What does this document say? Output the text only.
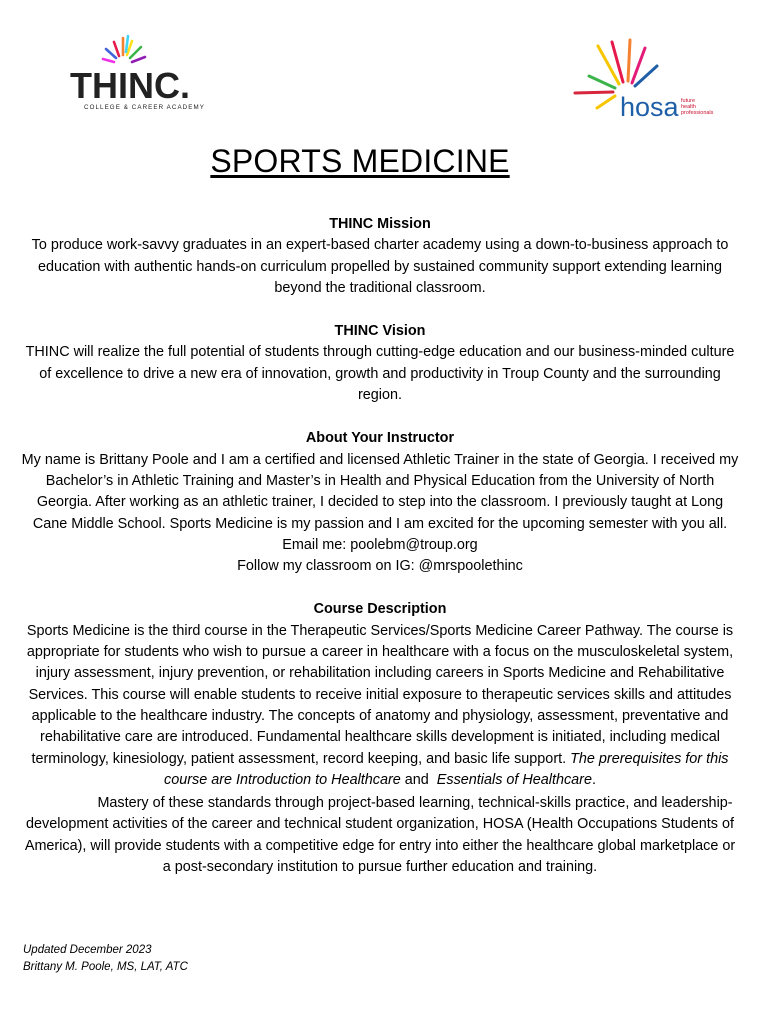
THINC.
COLLEGE & CAREER ACADEMY	hosa future
health
professionals
SPORTS MEDICINE
THINC Mission

To produce work-savvy graduates in an expert-based charter academy using a down-to-business approach to education with authentic hands-on curriculum propelled by sustained community support extending learning beyond the traditional classroom.

THINC Vision

THINC will realize the full potential of students through cutting-edge education and our business-minded culture of excellence to drive a new era of innovation, growth and productivity in Troup County and the surrounding region.

About Your Instructor

My name is Brittany Poole and I am a certified and licensed Athletic Trainer in the state of Georgia. I received my Bachelor’s in Athletic Training and Master’s in Health and Physical Education from the University of North Georgia. After working as an athletic trainer, I decided to step into the classroom. I previously taught at Long Cane Middle School. Sports Medicine is my passion and I am excited for the upcoming semester with you all.

Email me: poolebm@troup.org
Follow my classroom on IG: @mrspoolethinc
Course Description

Sports Medicine is the third course in the Therapeutic Services/Sports Medicine Career Pathway. The course is appropriate for students who wish to pursue a career in healthcare with a focus on the musculoskeletal system, injury assessment, injury prevention, or rehabilitation including careers in Sports Medicine and Rehabilitative Services. This course will enable students to receive initial exposure to therapeutic services skills and attitudes applicable to the healthcare industry. The concepts of anatomy and physiology, assessment, preventative and rehabilitative care are introduced. Fundamental healthcare skills development is initiated, including medical terminology, kinesiology, patient assessment, record keeping, and basic life support. The prerequisites for this course are Introduction to Healthcare and  Essentials of Healthcare.

Mastery of these standards through project-based learning, technical-skills practice, and leadership-development activities of the career and technical student organization, HOSA (Health Occupations Students of America), will provide students with a competitive edge for entry into either the healthcare global marketplace or a post-secondary institution to pursue further education and training.

Updated December 2023
Brittany M. Poole, MS, LAT, ATC
